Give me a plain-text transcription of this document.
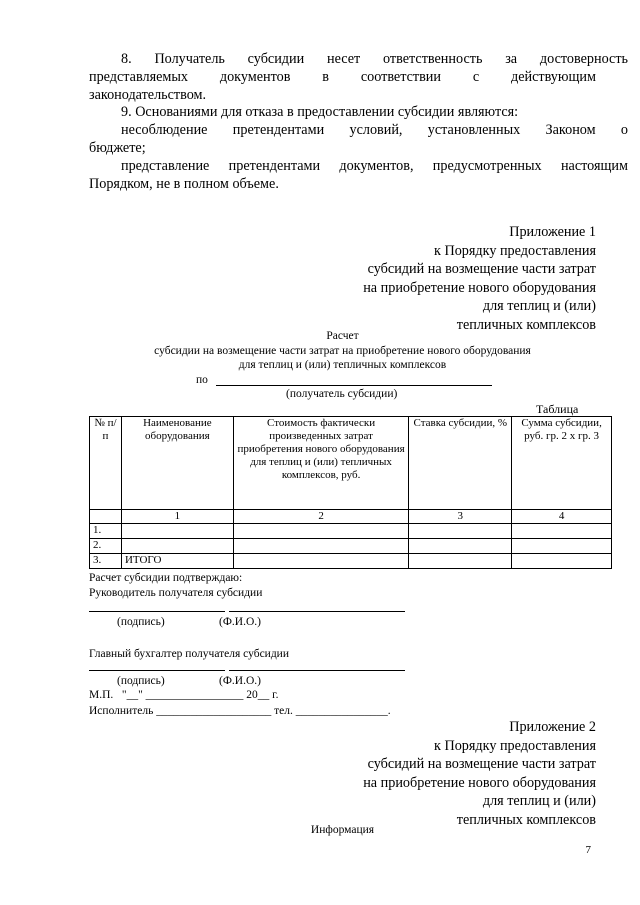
8. Получатель субсидии несет ответственность за достоверность
представляемых документов в соответствии с действующим
законодательством.
9. Основаниями для отказа в предоставлении субсидии являются:
несоблюдение претендентами условий, установленных Законом о
бюджете;
представление претендентами документов, предусмотренных настоящим
Порядком, не в полном объеме.
Приложение 1
к Порядку предоставления
субсидий на возмещение части затрат
на приобретение нового оборудования
для теплиц и (или)
тепличных комплексов
Расчет
субсидии на возмещение части затрат на приобретение нового оборудования
для теплиц и (или) тепличных комплексов
по
(получатель субсидии)
Таблица
№ п/п	Наименование оборудования	Стоимость фактически произведенных затрат приобретения нового оборудования для теплиц и (или) тепличных комплексов, руб.	Ставка субсидии, %	Сумма субсидии, руб. гр. 2 х гр. 3
	1	2	3	4
1.				
2.				
3.	ИТОГО			
Расчет субсидии подтверждаю:
Руководитель получателя субсидии
(подпись)	(Ф.И.О.)
Главный бухгалтер получателя субсидии
(подпись)	(Ф.И.О.)
М.П.   "__" _________________ 20__ г.
Исполнитель ____________________ тел. ________________.
Приложение 2
к Порядку предоставления
субсидий на возмещение части затрат
на приобретение нового оборудования
для теплиц и (или)
тепличных комплексов
Информация
7
